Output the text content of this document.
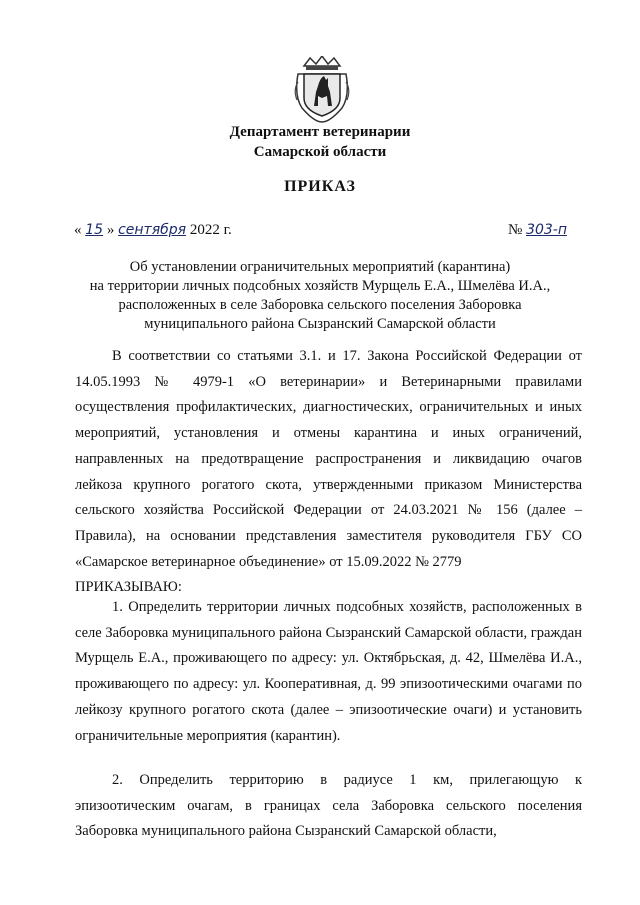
Департамент ветеринарии
Самарской области
ПРИКАЗ
« 15 » сентября 2022 г.	№ 303-п
Об установлении ограничительных мероприятий (карантина)
на территории личных подсобных хозяйств Мурщель Е.А., Шмелёва И.А.,
расположенных в селе Заборовка сельского поселения Заборовка
муниципального района Сызранский Самарской области

В соответствии со статьями 3.1. и 17. Закона Российской Федерации от 14.05.1993 № 4979-1 «О ветеринарии» и Ветеринарными правилами осуществления профилактических, диагностических, ограничительных и иных мероприятий, установления и отмены карантина и иных ограничений, направленных на предотвращение распространения и ликвидацию очагов лейкоза крупного рогатого скота, утвержденными приказом Министерства сельского хозяйства Российской Федерации от 24.03.2021 № 156 (далее – Правила), на основании представления заместителя руководителя ГБУ СО «Самарское ветеринарное объединение» от 15.09.2022 № 2779

ПРИКАЗЫВАЮ:

1. Определить территории личных подсобных хозяйств, расположенных в селе Заборовка муниципального района Сызранский Самарской области, граждан Мурщель Е.А., проживающего по адресу: ул. Октябрьская, д. 42, Шмелёва И.А., проживающего по адресу: ул. Кооперативная, д. 99 эпизоотическими очагами по лейкозу крупного рогатого скота (далее – эпизоотические очаги) и установить ограничительные мероприятия (карантин).

2. Определить территорию в радиусе 1 км, прилегающую к эпизоотическим очагам, в границах села Заборовка сельского поселения Заборовка муниципального района Сызранский Самарской области,
